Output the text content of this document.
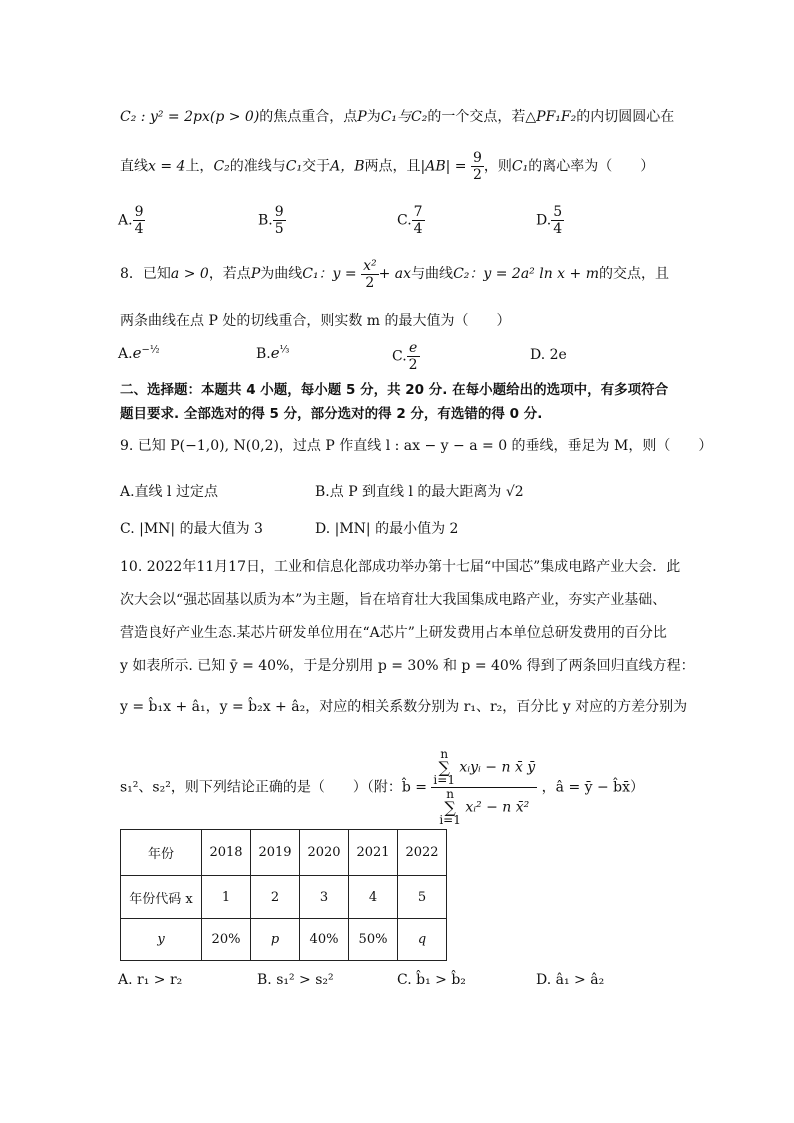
C₂ : y² = 2px(p > 0)的焦点重合，点P为C₁与C₂的一个交点，若△PF₁F₂的内切圆圆心在
直线x = 4上，C₂的准线与C₁交于A，B两点，且$|AB| = \frac{9}{2}$ ，则C₁的离心率为（　　）
A. $\frac{9}{4}$	B. $\frac{9}{5}$	C. $\frac{7}{4}$	D. $\frac{5}{4}$
8．已知a > 0，若点P为曲线C₁：$y = \frac{\text{x²}}{2}$ + ax与曲线C₂：y = 2a² ln x + m的交点，且
两条曲线在点 P 处的切线重合，则实数 m 的最大值为（　　）
$A.e^{-\frac{1}{2}}$	$B.e^{\frac{1}{3}}$	C. $\frac{e}{2}$	D. 2e
二、选择题：本题共 4 小题，每小题 5 分，共 20 分. 在每小题给出的选项中，有多项符合
题目要求. 全部选对的得 5 分，部分选对的得 2 分，有选错的得 0 分.
9. 已知 P(−1,0), N(0,2)，过点 P 作直线 l : ax − y − a = 0 的垂线，垂足为 M，则（　　）
A.直线 l 过定点	B.点 P 到直线 l 的最大距离为 √2
C. |MN| 的最大值为 3	D. |MN| 的最小值为 2
10. 2022年11月17日，工业和信息化部成功举办第十七届“中国芯”集成电路产业大会．此
次大会以“强芯固基以质为本”为主题，旨在培育壮大我国集成电路产业，夯实产业基础、
营造良好产业生态.某芯片研发单位用在“A芯片”上研发费用占本单位总研发费用的百分比
y 如表所示. 已知 ȳ = 40%，于是分别用 p = 30% 和 p = 40% 得到了两条回归直线方程：
y = b̂₁x + â₁，y = b̂₂x + â₂，对应的相关系数分别为 r₁、r₂，百分比 y 对应的方差分别为
s₁²、s₂²，则下列结论正确的是（　　）（附：b̂ = n
∑
i=1
xᵢyᵢ − n x̄ ȳ
n
∑
i=1
xᵢ² − n x̄² ，â = ȳ − b̂x̄）
年份	2018	2019	2020	2021	2022
年份代码 x	1	2	3	4	5
y	20%	p	40%	50%	q
A. r₁ > r₂	B. s₁² > s₂²	C. b̂₁ > b̂₂	D. â₁ > â₂
